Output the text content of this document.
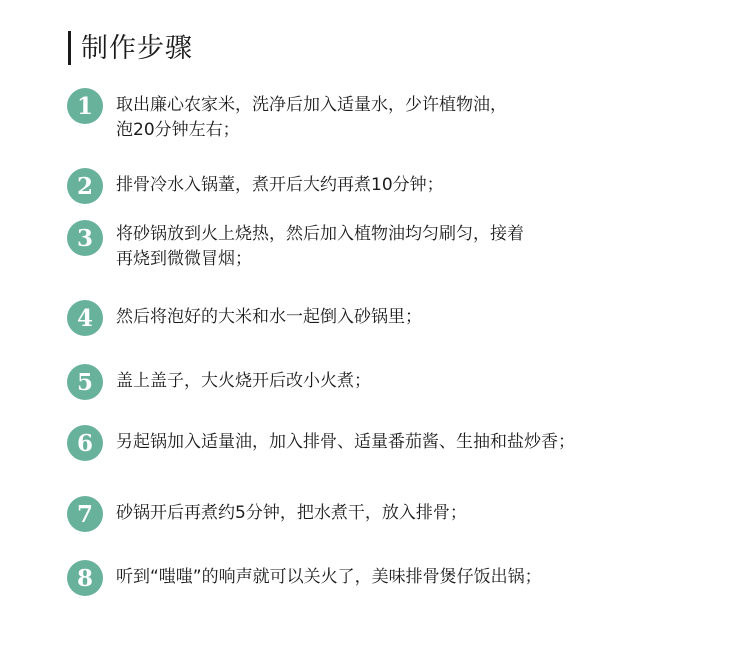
制作步骤
1	取出廉心农家米，洗净后加入适量水，少许植物油，
泡20分钟左右；
2	排骨冷水入锅蕫，煮开后大约再煮10分钟；
3	将砂锅放到火上烧热，然后加入植物油均匀刷匀，接着
再烧到微微冒烟；
4	然后将泡好的大米和水一起倒入砂锅里；
5	盖上盖子，大火烧开后改小火煮；
6	另起锅加入适量油，加入排骨、适量番茄酱、生抽和盐炒香；
7	砂锅开后再煮约5分钟，把水煮干，放入排骨；
8	听到“嗤嗤”的响声就可以关火了，美味排骨煲仔饭出锅；
